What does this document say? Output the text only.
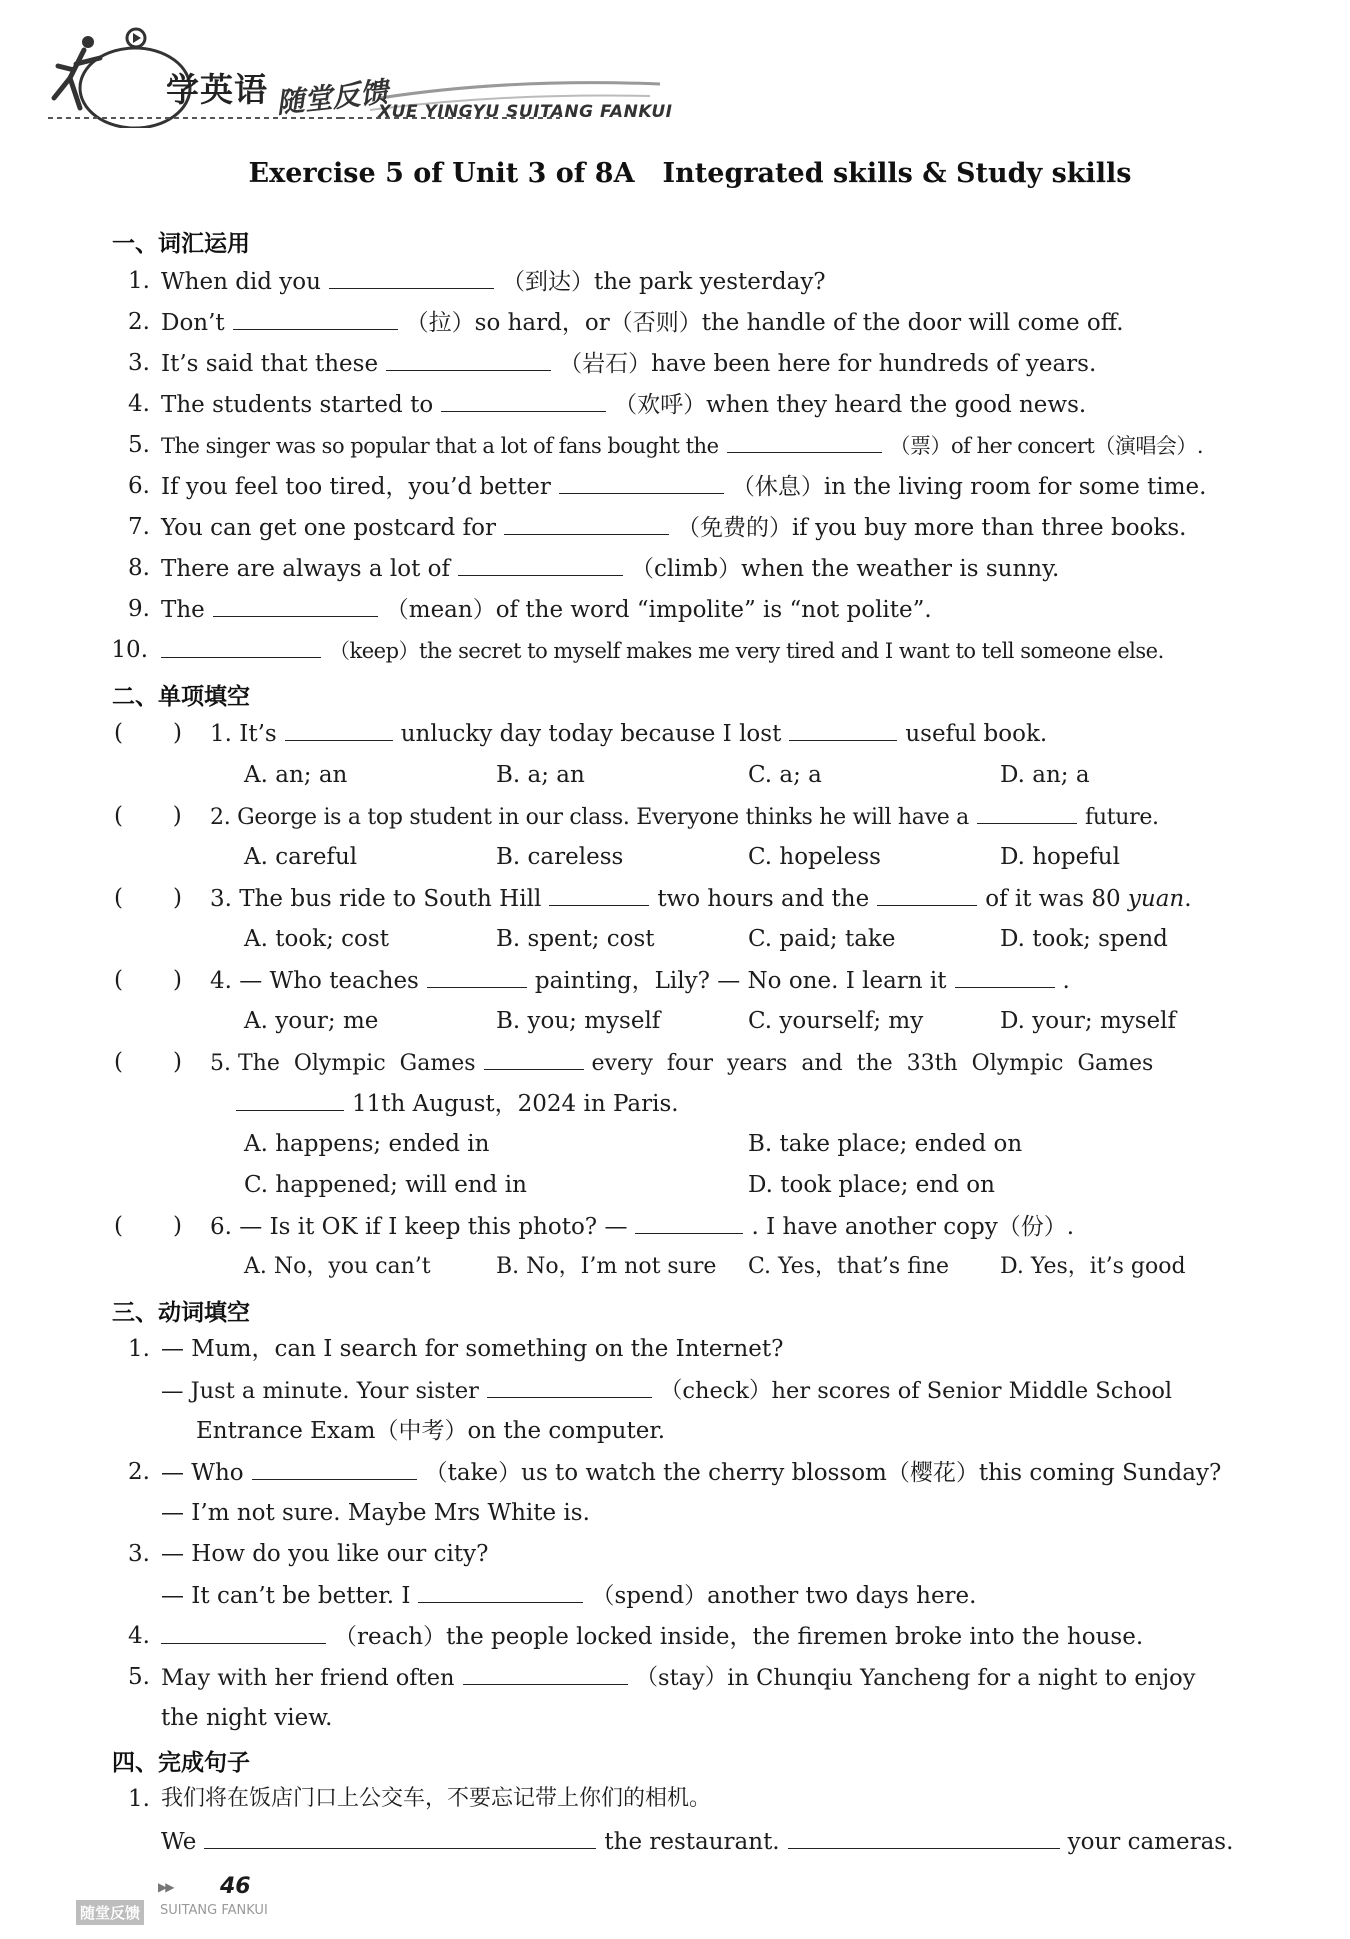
学英语 随堂反馈
XUE YINGYU SUITANG FANKUI
Exercise 5 of Unit 3 of 8A Integrated skills & Study skills
一、词汇运用
1. When did you	（到达）the park yesterday?
2. Don’t	（拉）so hard，or（否则）the handle of the door will come off.
3. It’s said that these	（岩石）have been here for hundreds of years.
4. The students started to	（欢呼）when they heard the good news.
5. The singer was so popular that a lot of fans bought the	（票）of her concert（演唱会）.
6. If you feel too tired，you’d better	（休息）in the living room for some time.
7. You can get one postcard for	（免费的）if you buy more than three books.
8. There are always a lot of	（climb）when the weather is sunny.
9. The	（mean）of the word “impolite” is “not polite”.
10.	（keep）the secret to myself makes me very tired and I want to tell someone else.
二、单项填空
( ) 1. It’s	unlucky day today because I lost	useful book.
A. an; an	B. a; an	C. a; a	D. an; a
( ) 2. George is a top student in our class. Everyone thinks he will have a	future.
A. careful	B. careless	C. hopeless	D. hopeful
( ) 3. The bus ride to South Hill	two hours and the	of it was 80 yuan.
A. took; cost	B. spent; cost	C. paid; take	D. took; spend
( ) 4. — Who teaches	painting，Lily? — No one. I learn it	.
A. your; me	B. you; myself	C. yourself; my	D. your; myself
( ) 5. The  Olympic  Games	every  four  years  and  the  33th  Olympic  Games
11th August，2024 in Paris.
A. happens; ended in	B. take place; ended on
C. happened; will end in	D. took place; end on
( ) 6. — Is it OK if I keep this photo? —	. I have another copy（份）.
A. No，you can’t	B. No，I’m not sure C. Yes，that’s fine D. Yes，it’s good
三、动词填空
1. — Mum，can I search for something on the Internet?
— Just a minute. Your sister	（check）her scores of Senior Middle School
Entrance Exam（中考）on the computer.
2. — Who	（take）us to watch the cherry blossom（樱花）this coming Sunday?
— I’m not sure. Maybe Mrs White is.
3. — How do you like our city?
— It can’t be better. I	（spend）another two days here.
4.	（reach）the people locked inside，the firemen broke into the house.
5. May with her friend often	（stay）in Chunqiu Yancheng for a night to enjoy
the night view.
四、完成句子
1. 我们将在饭店门口上公交车，不要忘记带上你们的相机。
We	the restaurant.	your cameras.
▶▶ 46
随堂反馈	SUITANG FANKUI
